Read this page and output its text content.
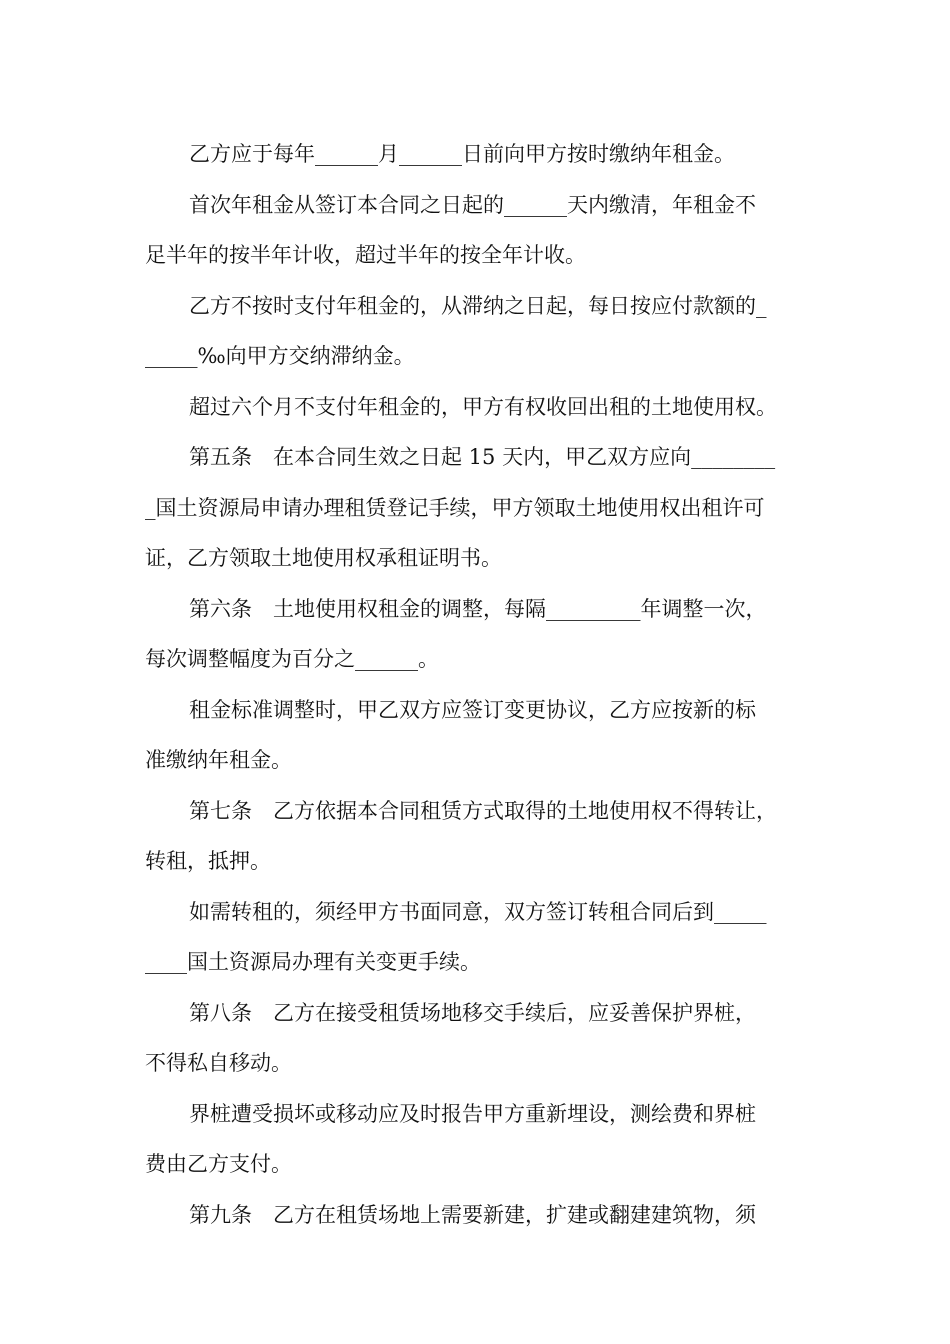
乙方应于每年______月______日前向甲方按时缴纳年租金。
首次年租金从签订本合同之日起的______天内缴清，年租金不
足半年的按半年计收，超过半年的按全年计收。
乙方不按时支付年租金的，从滞纳之日起，每日按应付款额的_
_____‰向甲方交纳滞纳金。
超过六个月不支付年租金的，甲方有权收回出租的土地使用权。
第五条　在本合同生效之日起 15 天内，甲乙双方应向________
_国土资源局申请办理租赁登记手续，甲方领取土地使用权出租许可
证，乙方领取土地使用权承租证明书。
第六条　土地使用权租金的调整，每隔_________年调整一次，
每次调整幅度为百分之______。
租金标准调整时，甲乙双方应签订变更协议，乙方应按新的标
准缴纳年租金。
第七条　乙方依据本合同租赁方式取得的土地使用权不得转让，
转租，抵押。
如需转租的，须经甲方书面同意，双方签订转租合同后到_____
____国土资源局办理有关变更手续。
第八条　乙方在接受租赁场地移交手续后，应妥善保护界桩，
不得私自移动。
界桩遭受损坏或移动应及时报告甲方重新埋设，测绘费和界桩
费由乙方支付。
第九条　乙方在租赁场地上需要新建，扩建或翻建建筑物，须
